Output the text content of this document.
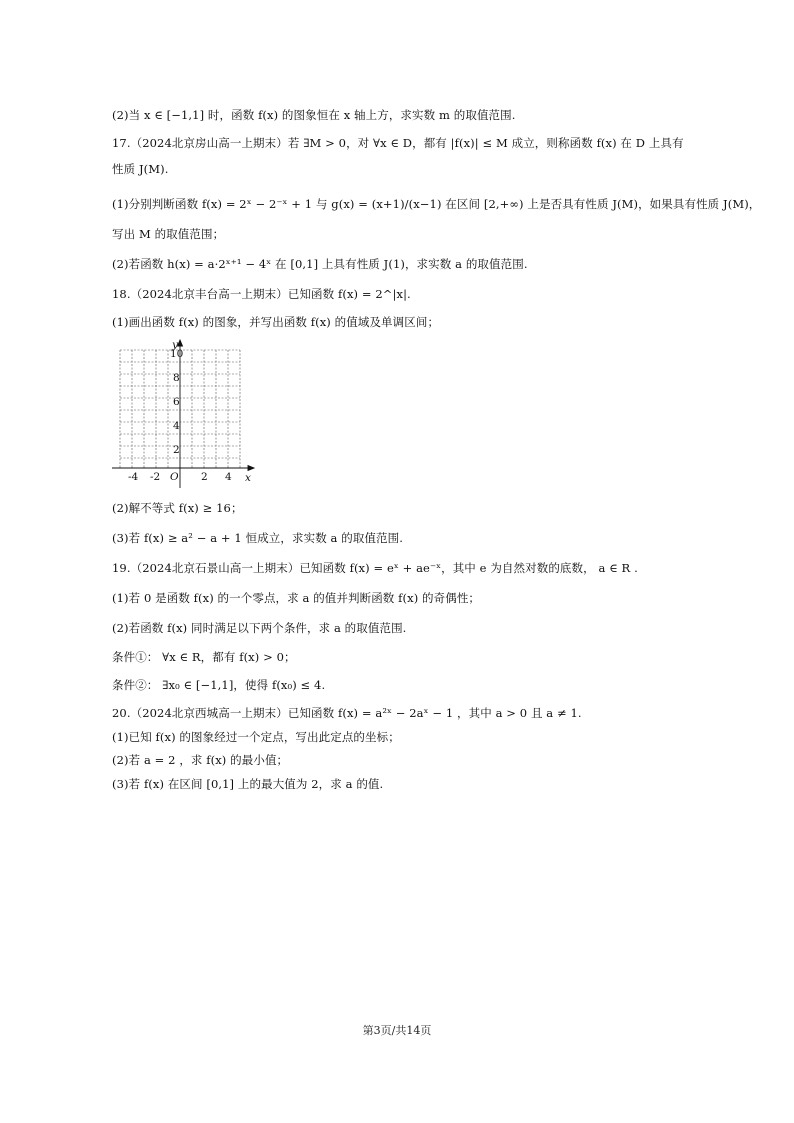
(2)当 x ∈ [−1,1] 时，函数 f(x) 的图象恒在 x 轴上方，求实数 m 的取值范围.
17.（2024北京房山高一上期末）若 ∃M > 0，对 ∀x ∈ D，都有 |f(x)| ≤ M 成立，则称函数 f(x) 在 D 上具有
性质 J(M).
(1)分别判断函数 f(x) = 2ˣ − 2⁻ˣ + 1 与 g(x) = (x+1)/(x−1) 在区间 [2,+∞) 上是否具有性质 J(M)，如果具有性质 J(M)，
写出 M 的取值范围；
(2)若函数 h(x) = a·2ˣ⁺¹ − 4ˣ 在 [0,1] 上具有性质 J(1)，求实数 a 的取值范围.
18.（2024北京丰台高一上期末）已知函数 f(x) = 2^|x|.
(1)画出函数 f(x) 的图象，并写出函数 f(x) 的值域及单调区间；
y
x
O
10
8
6
4
2
-4 -2	2 4
(2)解不等式 f(x) ≥ 16；
(3)若 f(x) ≥ a² − a + 1 恒成立，求实数 a 的取值范围.
19.（2024北京石景山高一上期末）已知函数 f(x) = eˣ + ae⁻ˣ，其中 e 为自然对数的底数， a ∈ R .
(1)若 0 是函数 f(x) 的一个零点，求 a 的值并判断函数 f(x) 的奇偶性；
(2)若函数 f(x) 同时满足以下两个条件，求 a 的取值范围.
条件①： ∀x ∈ R，都有 f(x) > 0；
条件②： ∃x₀ ∈ [−1,1]，使得 f(x₀) ≤ 4.
20.（2024北京西城高一上期末）已知函数 f(x) = a²ˣ − 2aˣ − 1 ，其中 a > 0 且 a ≠ 1.
(1)已知 f(x) 的图象经过一个定点，写出此定点的坐标；
(2)若 a = 2 ，求 f(x) 的最小值；
(3)若 f(x) 在区间 [0,1] 上的最大值为 2，求 a 的值.
第3页/共14页
